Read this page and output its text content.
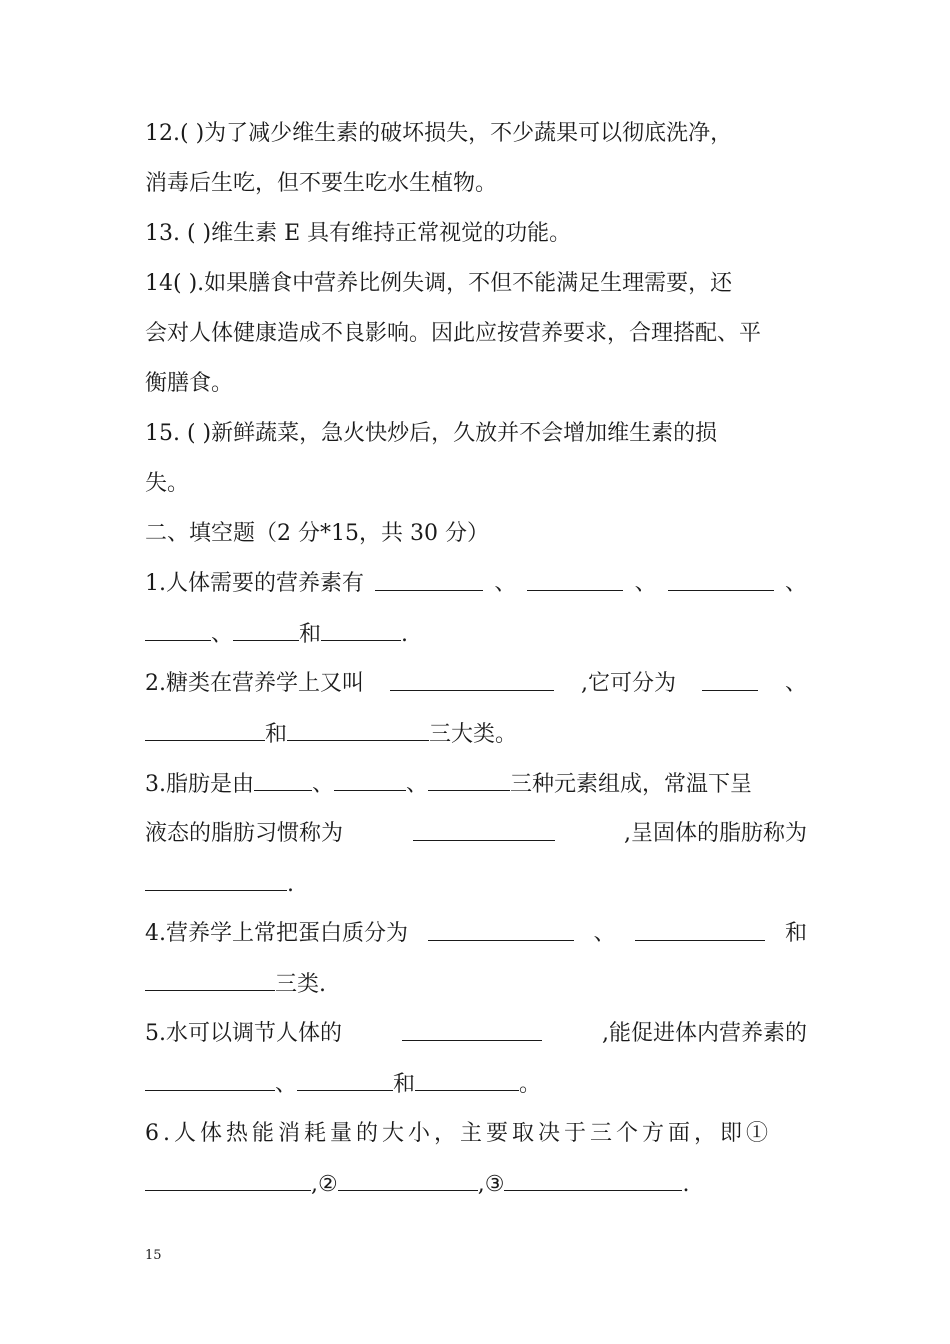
12.( )为了减少维生素的破坏损失，不少蔬果可以彻底洗净，
消毒后生吃，但不要生吃水生植物。
13. ( )维生素 E 具有维持正常视觉的功能。
14( ).如果膳食中营养比例失调，不但不能满足生理需要，还
会对人体健康造成不良影响。因此应按营养要求，合理搭配、平
衡膳食。
15. ( )新鲜蔬菜，急火快炒后，久放并不会增加维生素的损
失。
二、填空题（2 分*15，共 30 分）
1.人体需要的营养素有	、	、	、
、	和	.
2.糖类在营养学上又叫	,它可分为	、
和	三大类。
3.脂肪是由	、	、	三种元素组成，常温下呈
液态的脂肪习惯称为	,呈固体的脂肪称为
.
4.营养学上常把蛋白质分为	、	和
三类.
5.水可以调节人体的	,能促进体内营养素的
、	和	。
6.人体热能消耗量的大小，主要取决于三个方面，即①
,②	,③	.
15
